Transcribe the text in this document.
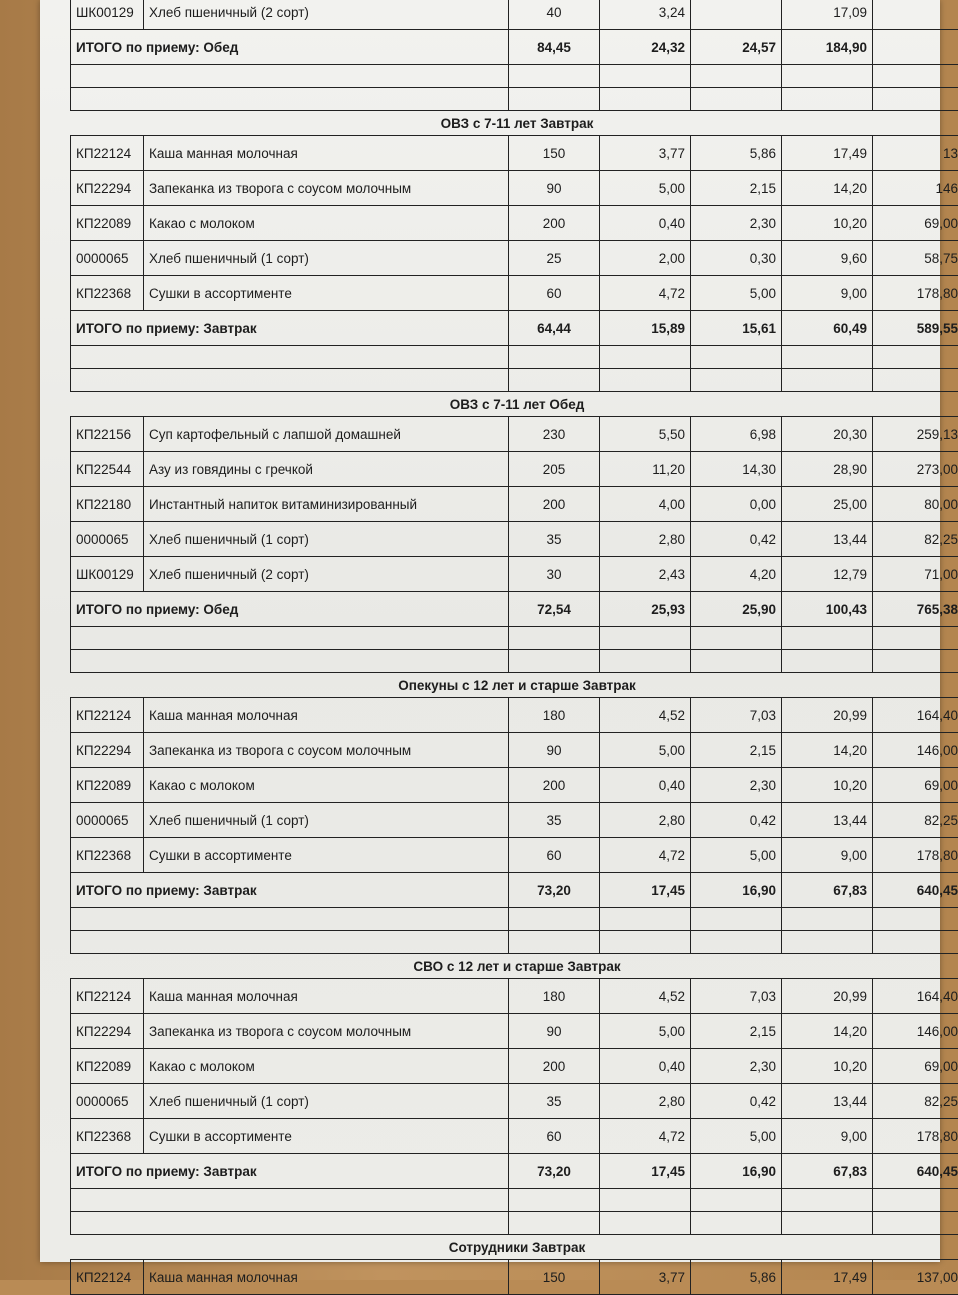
ШК00129	Хлеб пшеничный (2 сорт)	40	3,24		17,09	
ИТОГО по приему: Обед		84,45	24,32	24,57	184,90	

ОВЗ с 7-11 лет Завтрак						
КП22124	Каша манная молочная	150	3,77	5,86	17,49	13
КП22294	Запеканка из творога с соусом молочным	90	5,00	2,15	14,20	146
КП22089	Какао с молоком	200	0,40	2,30	10,20	69,00
0000065	Хлеб пшеничный (1 сорт)	25	2,00	0,30	9,60	58,75
КП22368	Сушки в ассортименте	60	4,72	5,00	9,00	178,80
ИТОГО по приему: Завтрак		64,44	15,89	15,61	60,49	589,55

ОВЗ с 7-11 лет Обед						
КП22156	Суп картофельный с лапшой домашней	230	5,50	6,98	20,30	259,13
КП22544	Азу из говядины с гречкой	205	11,20	14,30	28,90	273,00
КП22180	Инстантный напиток витаминизированный	200	4,00	0,00	25,00	80,00
0000065	Хлеб пшеничный (1 сорт)	35	2,80	0,42	13,44	82,25
ШК00129	Хлеб пшеничный (2 сорт)	30	2,43	4,20	12,79	71,00
ИТОГО по приему: Обед		72,54	25,93	25,90	100,43	765,38

Опекуны с 12 лет и старше Завтрак						
КП22124	Каша манная молочная	180	4,52	7,03	20,99	164,40
КП22294	Запеканка из творога с соусом молочным	90	5,00	2,15	14,20	146,00
КП22089	Какао с молоком	200	0,40	2,30	10,20	69,00
0000065	Хлеб пшеничный (1 сорт)	35	2,80	0,42	13,44	82,25
КП22368	Сушки в ассортименте	60	4,72	5,00	9,00	178,80
ИТОГО по приему: Завтрак		73,20	17,45	16,90	67,83	640,45

СВО с 12 лет и старше Завтрак						
КП22124	Каша манная молочная	180	4,52	7,03	20,99	164,40
КП22294	Запеканка из творога с соусом молочным	90	5,00	2,15	14,20	146,00
КП22089	Какао с молоком	200	0,40	2,30	10,20	69,00
0000065	Хлеб пшеничный (1 сорт)	35	2,80	0,42	13,44	82,25
КП22368	Сушки в ассортименте	60	4,72	5,00	9,00	178,80
ИТОГО по приему: Завтрак		73,20	17,45	16,90	67,83	640,45

Сотрудники Завтрак						
КП22124	Каша манная молочная	150	3,77	5,86	17,49	137,00
